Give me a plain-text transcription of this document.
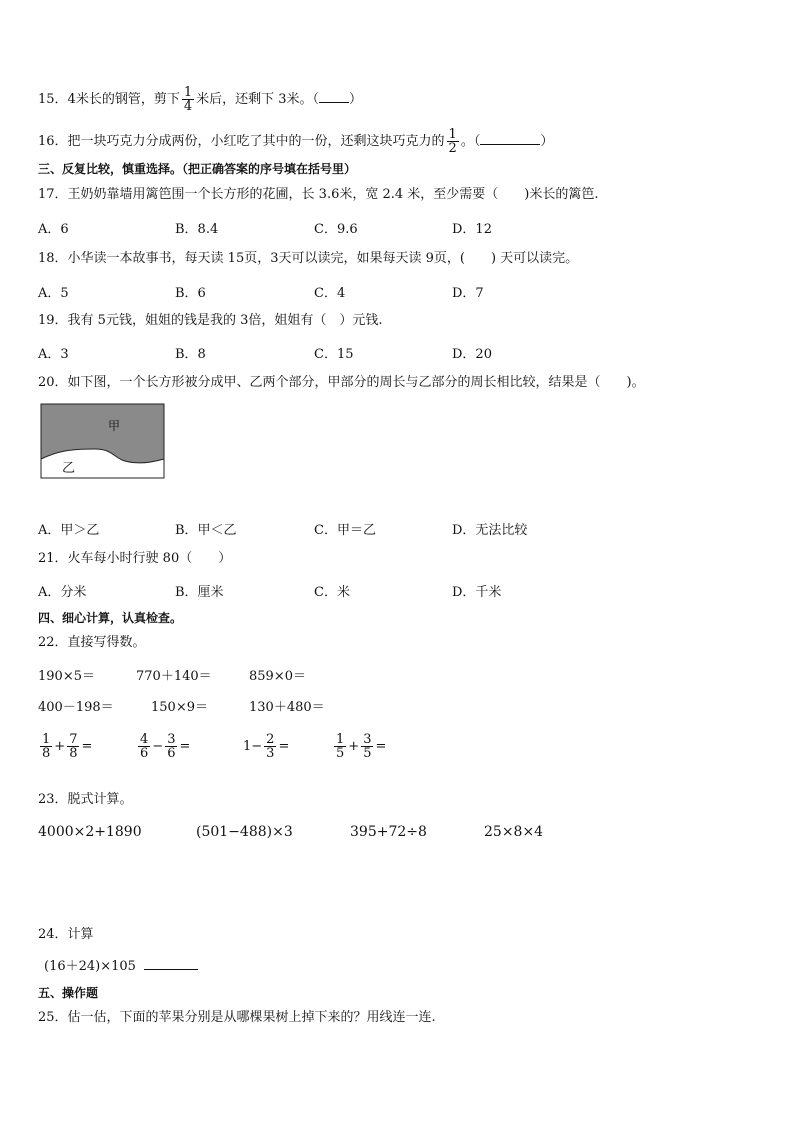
15．4米长的钢管，剪下 $\frac{1}{4}$ 米后，还剩下 3米。（ ）
16．把一块巧克力分成两份，小红吃了其中的一份，还剩这块巧克力的 $\frac{1}{2}$ 。（	）
三、反复比较，慎重选择。（把正确答案的序号填在括号里）
17．王奶奶靠墙用篱笆围一个长方形的花圃，长 3.6米，宽 2.4 米，至少需要（　　)米长的篱笆.
A．6	B．8.4	C．9.6	D．12
18．小华读一本故事书，每天读 15页，3天可以读完，如果每天读 9页，(　　) 天可以读完。
A．5	B．6	C．4	D．7
19．我有 5元钱，姐姐的钱是我的 3倍，姐姐有（　）元钱.
A．3	B．8	C．15	D．20
20．如下图，一个长方形被分成甲、乙两个部分，甲部分的周长与乙部分的周长相比较，结果是（　　)。
甲
乙
A．甲＞乙	B．甲＜乙	C．甲＝乙	D．无法比较
21．火车每小时行驶 80（　　）
A．分米	B．厘米	C．米	D．千米
四、细心计算，认真检查。
22．直接写得数。
190×5＝	770＋140＝	859×0＝
400－198＝	150×9＝	130＋480＝
$\frac{1}{8} + \frac{7}{8}$ =	$\frac{4}{6} - \frac{3}{6}$ =	$1- \frac{2}{3}$ =	$\frac{1}{5} + \frac{3}{5}$ =
23．脱式计算。
4000×2+1890	(501−488)×3	395+72÷8	25×8×4
24．计算
(16＋24)×105
五、操作题
25．估一估，下面的苹果分别是从哪棵果树上掉下来的？用线连一连.
